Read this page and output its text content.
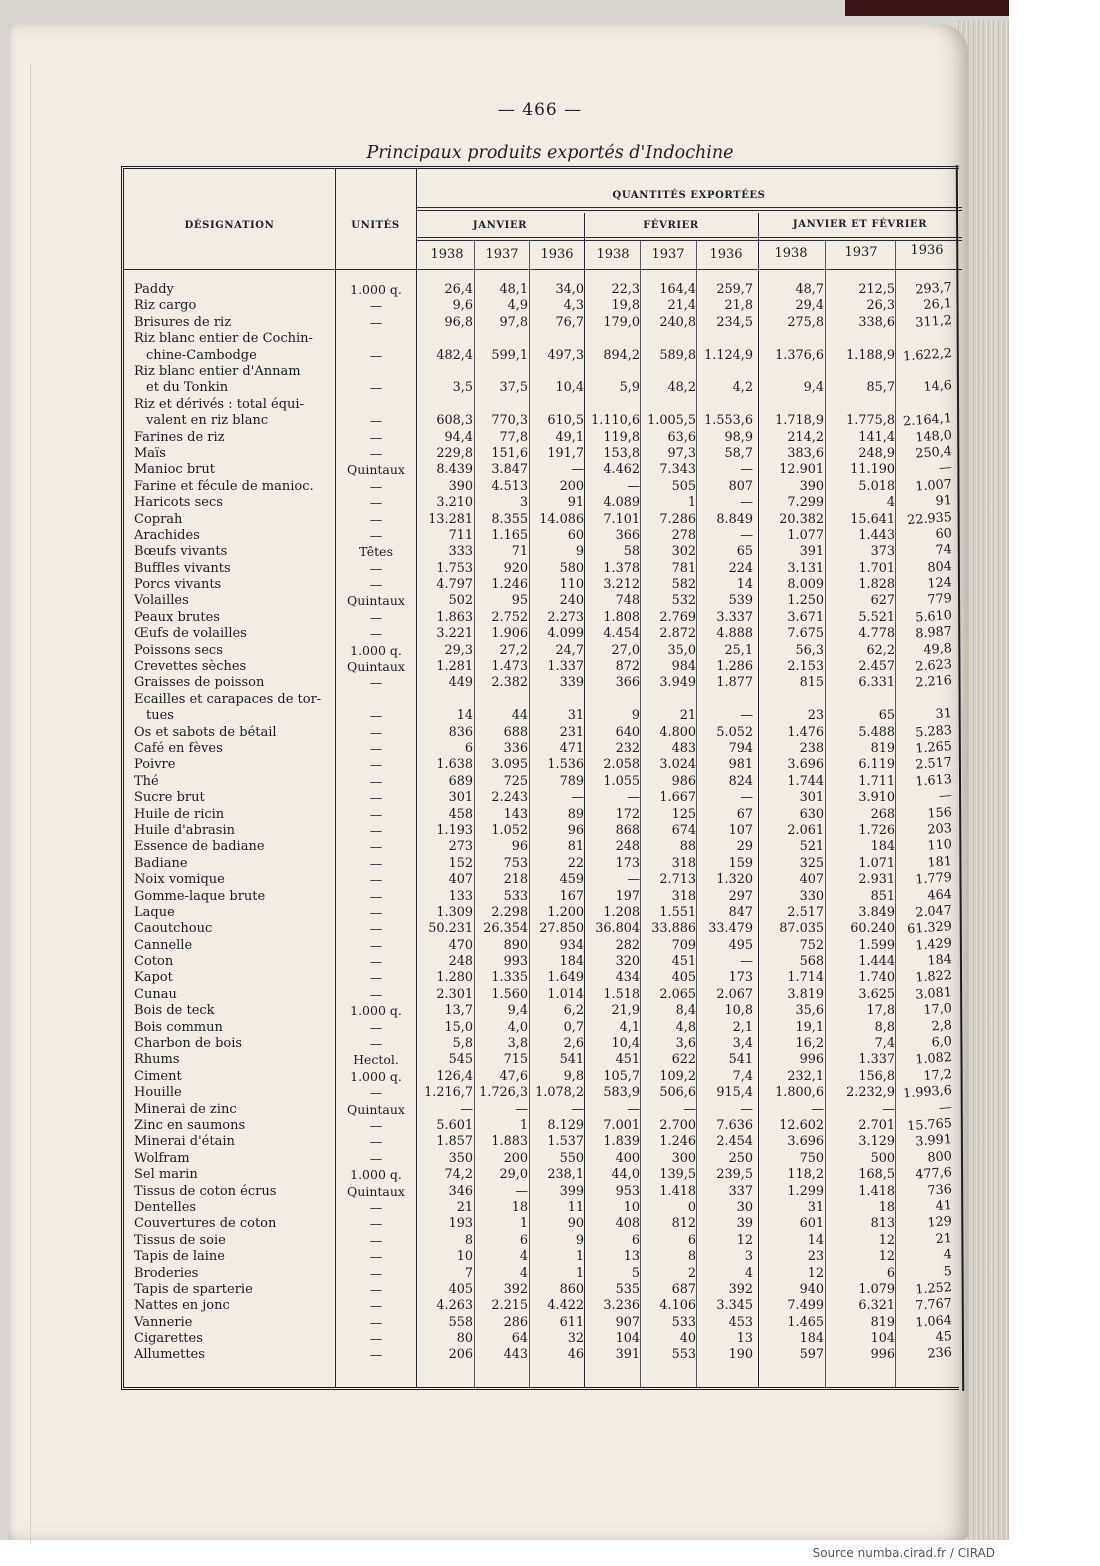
— 466 —
Principaux produits exportés d'Indochine
DÉSIGNATION	UNITÉS
QUANTITÉS EXPORTÉES
JANVIER	FÉVRIER	JANVIER ET FÉVRIER
1938	1937	1936	1938	1937	1936	1938	1937	1936
Paddy	1.000 q.	26,4	48,1	34,0	22,3	164,4	259,7	48,7	212,5	293,7
Riz cargo	—	9,6	4,9	4,3	19,8	21,4	21,8	29,4	26,3	26,1
Brisures de riz	—	96,8	97,8	76,7	179,0	240,8	234,5	275,8	338,6	311,2
Riz blanc entier de Cochin-
chine-Cambodge	—	482,4	599,1	497,3	894,2	589,8 1.124,9	1.376,6	1.188,9 1.622,2
Riz blanc entier d'Annam
et du Tonkin	—	3,5	37,5	10,4	5,9	48,2	4,2	9,4	85,7	14,6
Riz et dérivés : total équi-
valent en riz blanc	—	608,3	770,3	610,5 1.110,6 1.005,5 1.553,6	1.718,9	1.775,8 2.164,1
Farines de riz	—	94,4	77,8	49,1	119,8	63,6	98,9	214,2	141,4	148,0
Maïs	—	229,8	151,6	191,7	153,8	97,3	58,7	383,6	248,9	250,4
Manioc brut	Quintaux	8.439	3.847	—	4.462	7.343	—	12.901	11.190	—
Farine et fécule de manioc.	—	390	4.513	200	—	505	807	390	5.018	1.007
Haricots secs	—	3.210	3	91	4.089	1	—	7.299	4	91
Coprah	—	13.281	8.355 14.086	7.101	7.286	8.849	20.382	15.641 22.935
Arachides	—	711	1.165	60	366	278	—	1.077	1.443	60
Bœufs vivants	Têtes	333	71	9	58	302	65	391	373	74
Buffles vivants	—	1.753	920	580	1.378	781	224	3.131	1.701	804
Porcs vivants	—	4.797	1.246	110	3.212	582	14	8.009	1.828	124
Volailles	Quintaux	502	95	240	748	532	539	1.250	627	779
Peaux brutes	—	1.863	2.752	2.273	1.808	2.769	3.337	3.671	5.521	5.610
Œufs de volailles	—	3.221	1.906	4.099	4.454	2.872	4.888	7.675	4.778	8.987
Poissons secs	1.000 q.	29,3	27,2	24,7	27,0	35,0	25,1	56,3	62,2	49,8
Crevettes sèches	Quintaux	1.281	1.473	1.337	872	984	1.286	2.153	2.457	2.623
Graisses de poisson	—	449	2.382	339	366	3.949	1.877	815	6.331	2.216
Ecailles et carapaces de tor-
tues	—	14	44	31	9	21	—	23	65	31
Os et sabots de bétail	—	836	688	231	640	4.800	5.052	1.476	5.488	5.283
Café en fèves	—	6	336	471	232	483	794	238	819	1.265
Poivre	—	1.638	3.095	1.536	2.058	3.024	981	3.696	6.119	2.517
Thé	—	689	725	789	1.055	986	824	1.744	1.711	1.613
Sucre brut	—	301	2.243	—	—	1.667	—	301	3.910	—
Huile de ricin	—	458	143	89	172	125	67	630	268	156
Huile d'abrasin	—	1.193	1.052	96	868	674	107	2.061	1.726	203
Essence de badiane	—	273	96	81	248	88	29	521	184	110
Badiane	—	152	753	22	173	318	159	325	1.071	181
Noix vomique	—	407	218	459	—	2.713	1.320	407	2.931	1.779
Gomme-laque brute	—	133	533	167	197	318	297	330	851	464
Laque	—	1.309	2.298	1.200	1.208	1.551	847	2.517	3.849	2.047
Caoutchouc	—	50.231 26.354 27.850 36.804 33.886 33.479	87.035	60.240 61.329
Cannelle	—	470	890	934	282	709	495	752	1.599	1.429
Coton	—	248	993	184	320	451	—	568	1.444	184
Kapot	—	1.280	1.335	1.649	434	405	173	1.714	1.740	1.822
Cunau	—	2.301	1.560	1.014	1.518	2.065	2.067	3.819	3.625	3.081
Bois de teck	1.000 q.	13,7	9,4	6,2	21,9	8,4	10,8	35,6	17,8	17,0
Bois commun	—	15,0	4,0	0,7	4,1	4,8	2,1	19,1	8,8	2,8
Charbon de bois	—	5,8	3,8	2,6	10,4	3,6	3,4	16,2	7,4	6,0
Rhums	Hectol.	545	715	541	451	622	541	996	1.337	1.082
Ciment	1.000 q.	126,4	47,6	9,8	105,7	109,2	7,4	232,1	156,8	17,2
Houille	—	1.216,7 1.726,3 1.078,2	583,9	506,6	915,4	1.800,6	2.232,9 1.993,6
Minerai de zinc	Quintaux	—	—	—	—	—	—	—	—	—
Zinc en saumons	—	5.601	1	8.129	7.001	2.700	7.636	12.602	2.701 15.765
Minerai d'étain	—	1.857	1.883	1.537	1.839	1.246	2.454	3.696	3.129	3.991
Wolfram	—	350	200	550	400	300	250	750	500	800
Sel marin	1.000 q.	74,2	29,0	238,1	44,0	139,5	239,5	118,2	168,5	477,6
Tissus de coton écrus	Quintaux	346	—	399	953	1.418	337	1.299	1.418	736
Dentelles	—	21	18	11	10	0	30	31	18	41
Couvertures de coton	—	193	1	90	408	812	39	601	813	129
Tissus de soie	—	8	6	9	6	6	12	14	12	21
Tapis de laine	—	10	4	1	13	8	3	23	12	4
Broderies	—	7	4	1	5	2	4	12	6	5
Tapis de sparterie	—	405	392	860	535	687	392	940	1.079	1.252
Nattes en jonc	—	4.263	2.215	4.422	3.236	4.106	3.345	7.499	6.321	7.767
Vannerie	—	558	286	611	907	533	453	1.465	819	1.064
Cigarettes	—	80	64	32	104	40	13	184	104	45
Allumettes	—	206	443	46	391	553	190	597	996	236
Source numba.cirad.fr / CIRAD
